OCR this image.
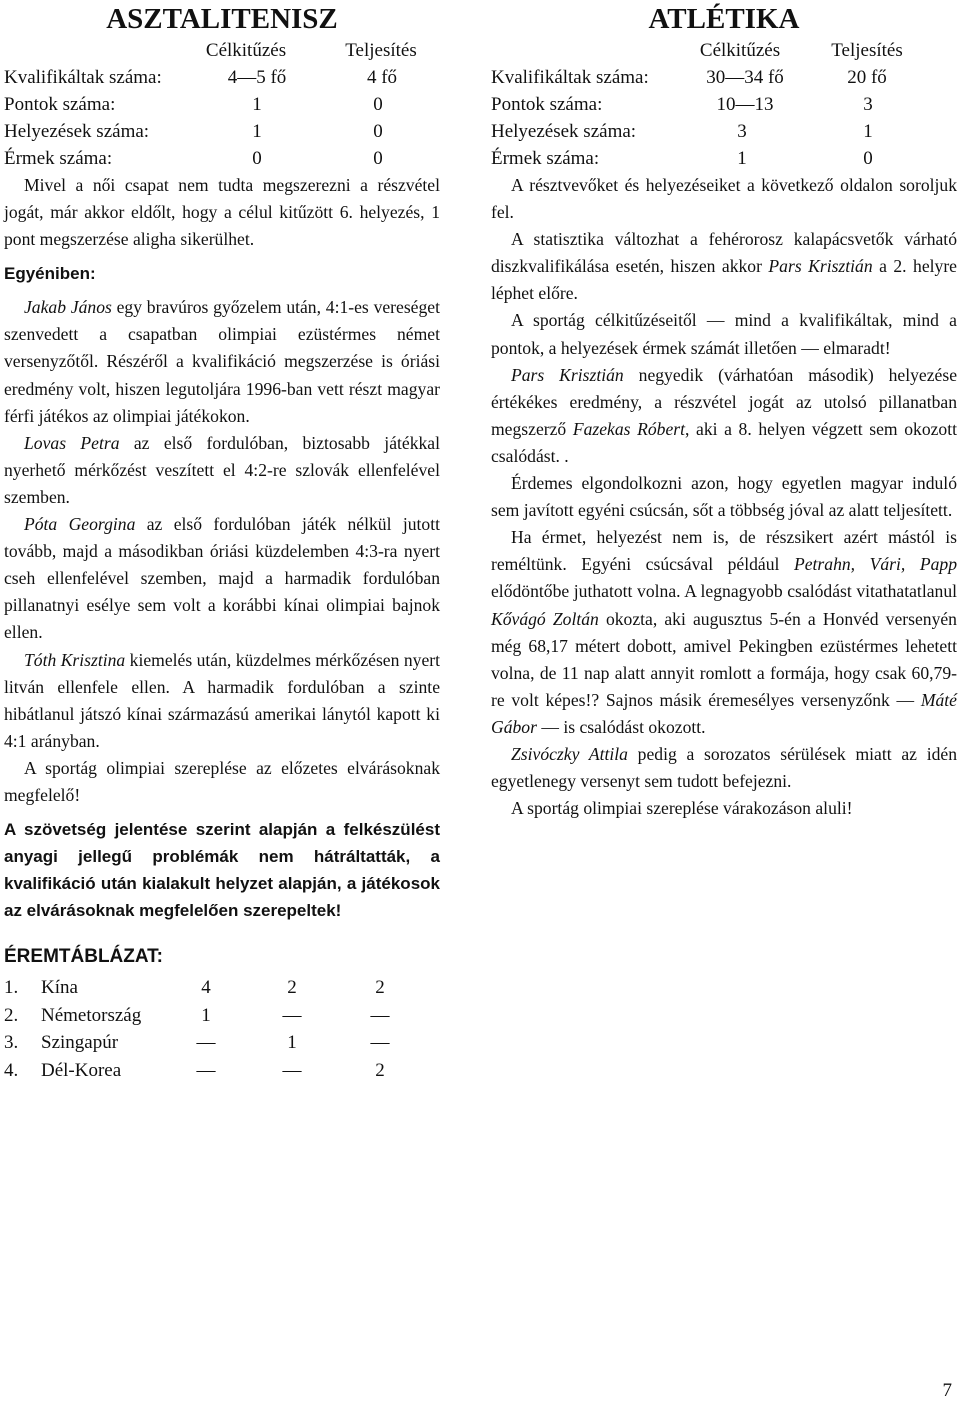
ASZTALITENISZ
Célkitűzés	Teljesítés
Kvalifikáltak száma:	4—5 fő	4 fő
Pontok száma:	1	0
Helyezések száma:	1	0
Érmek száma:	0	0

Mivel a női csapat nem tudta megszerezni a részvétel jogát, már akkor eldőlt, hogy a célul kitűzött 6. helyezés, 1 pont megszerzése aligha sikerülhet.

Egyéniben:

Jakab János egy bravúros győzelem után, 4:1-es vereséget szenvedett a csapatban olimpiai ezüstérmes német versenyzőtől. Részéről a kvalifikáció megszerzése is óriási eredmény volt, hiszen legutoljára 1996-ban vett részt magyar férfi játékos az olimpiai játékokon.

Lovas Petra az első fordulóban, biztosabb játékkal nyerhető mérkőzést veszített el 4:2-re szlovák ellenfelével szemben.

Póta Georgina az első fordulóban játék nélkül jutott tovább, majd a másodikban óriási küzdelemben 4:3-ra nyert cseh ellenfelével szemben, majd a harmadik fordulóban pillanatnyi esélye sem volt a korábbi kínai olimpiai bajnok ellen.

Tóth Krisztina kiemelés után, küzdelmes mérkőzésen nyert litván ellenfele ellen. A harmadik fordulóban a szinte hibátlanul játszó kínai származású amerikai lánytól kapott ki 4:1 arányban.

A sportág olimpiai szereplése az előzetes elvárásoknak megfelelő!

A szövetség jelentése szerint alapján a felkészülést anyagi jellegű problémák nem hátráltatták, a kvalifikáció után kialakult helyzet alapján, a játékosok az elvárásoknak megfelelően szerepeltek!

ÉREMTÁBLÁZAT:
1. Kína	4	2	2
2. Németország	1	—	—
3. Szingapúr	—	1	—
4. Dél-Korea	—	—	2
ATLÉTIKA
Célkitűzés	Teljesítés
Kvalifikáltak száma:	30—34 fő	20 fő
Pontok száma:	10—13	3
Helyezések száma:	3	1
Érmek száma:	1	0

A résztvevőket és helyezéseiket a következő oldalon soroljuk fel.

A statisztika változhat a fehérorosz kalapácsvetők várható diszkvalifikálása esetén, hiszen akkor Pars Krisztián a 2. helyre léphet előre.

A sportág célkitűzéseitől — mind a kvalifikáltak, mind a pontok, a helyezések érmek számát illetően — elmaradt!

Pars Krisztián negyedik (várhatóan második) helyezése értékékes eredmény, a részvétel jogát az utolsó pillanatban megszerző Fazekas Róbert, aki a 8. helyen végzett sem okozott csalódást. .

Érdemes elgondolkozni azon, hogy egyetlen magyar induló sem javított egyéni csúcsán, sőt a többség jóval az alatt teljesített.

Ha érmet, helyezést nem is, de részsikert azért mástól is reméltünk. Egyéni csúcsával például Petrahn, Vári, Papp elődöntőbe juthatott volna. A legnagyobb csalódást vitathatatlanul Kővágó Zoltán okozta, aki augusztus 5-én a Honvéd versenyén még 68,17 métert dobott, amivel Pekingben ezüstérmes lehetett volna, de 11 nap alatt annyit romlott a formája, hogy csak 60,79-re volt képes!? Sajnos másik éremesélyes versenyzőnk — Máté Gábor — is csalódást okozott.

Zsivóczky Attila pedig a sorozatos sérülések miatt az idén egyetlenegy versenyt sem tudott befejezni.

A sportág olimpiai szereplése várakozáson aluli!

7
